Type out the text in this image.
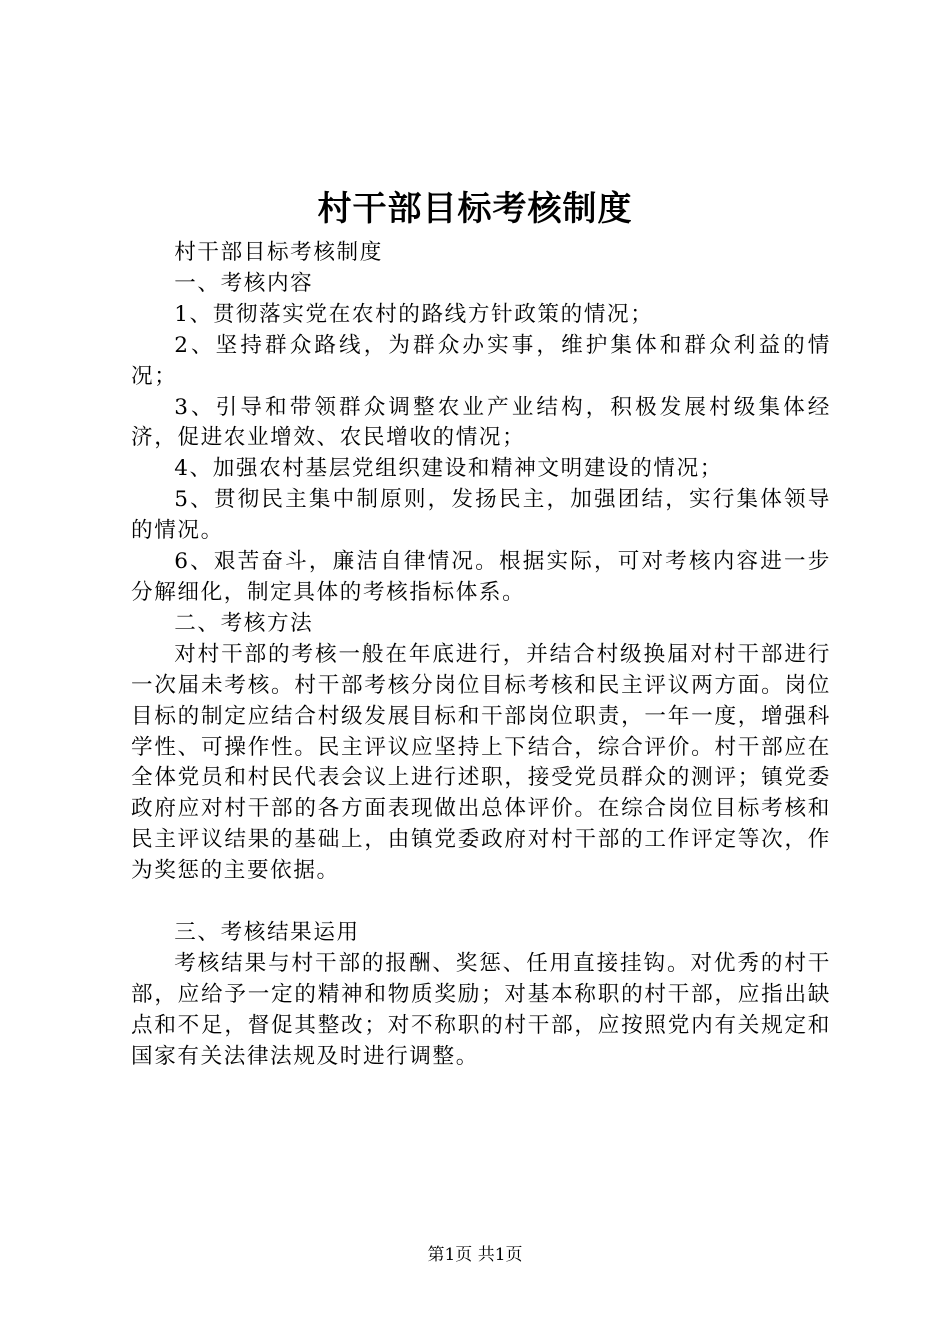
村干部目标考核制度

村干部目标考核制度

一、考核内容

1、贯彻落实党在农村的路线方针政策的情况；

2、坚持群众路线，为群众办实事，维护集体和群众利益的情况；

3、引导和带领群众调整农业产业结构，积极发展村级集体经济，促进农业增效、农民增收的情况；

4、加强农村基层党组织建设和精神文明建设的情况；

5、贯彻民主集中制原则，发扬民主，加强团结，实行集体领导的情况。

6、艰苦奋斗，廉洁自律情况。根据实际，可对考核内容进一步分解细化，制定具体的考核指标体系。

二、考核方法

对村干部的考核一般在年底进行，并结合村级换届对村干部进行一次届未考核。村干部考核分岗位目标考核和民主评议两方面。岗位目标的制定应结合村级发展目标和干部岗位职责，一年一度，增强科学性、可操作性。民主评议应坚持上下结合，综合评价。村干部应在全体党员和村民代表会议上进行述职，接受党员群众的测评；镇党委政府应对村干部的各方面表现做出总体评价。在综合岗位目标考核和民主评议结果的基础上，由镇党委政府对村干部的工作评定等次，作为奖惩的主要依据。

三、考核结果运用

考核结果与村干部的报酬、奖惩、任用直接挂钩。对优秀的村干部，应给予一定的精神和物质奖励；对基本称职的村干部，应指出缺点和不足，督促其整改；对不称职的村干部，应按照党内有关规定和国家有关法律法规及时进行调整。

第1页 共1页
